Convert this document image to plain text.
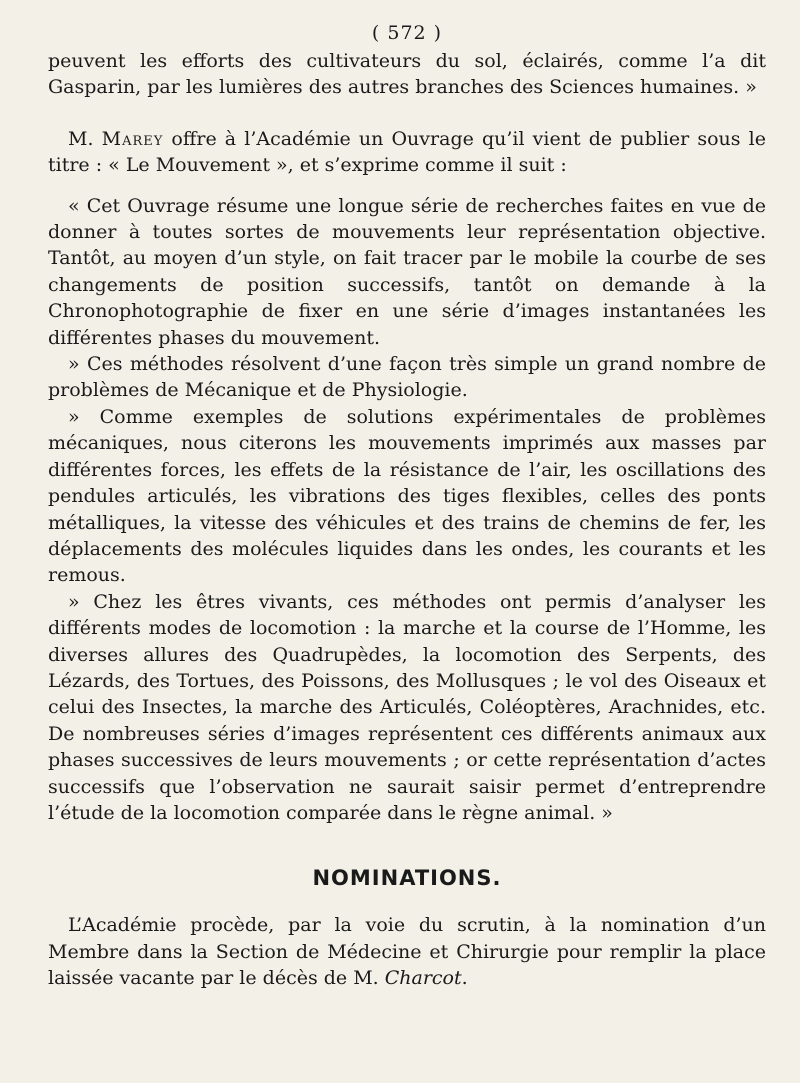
( 572 )

peuvent les efforts des cultivateurs du sol, éclairés, comme l’a dit Gasparin, par les lumières des autres branches des Sciences humaines. »

M. Marey offre à l’Académie un Ouvrage qu’il vient de publier sous le titre : « Le Mouvement », et s’exprime comme il suit :

« Cet Ouvrage résume une longue série de recherches faites en vue de donner à toutes sortes de mouvements leur représentation objective. Tantôt, au moyen d’un style, on fait tracer par le mobile la courbe de ses changements de position successifs, tantôt on demande à la Chronophotographie de fixer en une série d’images instantanées les différentes phases du mouvement.

» Ces méthodes résolvent d’une façon très simple un grand nombre de problèmes de Mécanique et de Physiologie.

» Comme exemples de solutions expérimentales de problèmes mécaniques, nous citerons les mouvements imprimés aux masses par différentes forces, les effets de la résistance de l’air, les oscillations des pendules articulés, les vibrations des tiges flexibles, celles des ponts métalliques, la vitesse des véhicules et des trains de chemins de fer, les déplacements des molécules liquides dans les ondes, les courants et les remous.

» Chez les êtres vivants, ces méthodes ont permis d’analyser les différents modes de locomotion : la marche et la course de l’Homme, les diverses allures des Quadrupèdes, la locomotion des Serpents, des Lézards, des Tortues, des Poissons, des Mollusques ; le vol des Oiseaux et celui des Insectes, la marche des Articulés, Coléoptères, Arachnides, etc. De nombreuses séries d’images représentent ces différents animaux aux phases successives de leurs mouvements ; or cette représentation d’actes successifs que l’observation ne saurait saisir permet d’entreprendre l’étude de la locomotion comparée dans le règne animal. »

NOMINATIONS.

L’Académie procède, par la voie du scrutin, à la nomination d’un Membre dans la Section de Médecine et Chirurgie pour remplir la place laissée vacante par le décès de M. Charcot.
